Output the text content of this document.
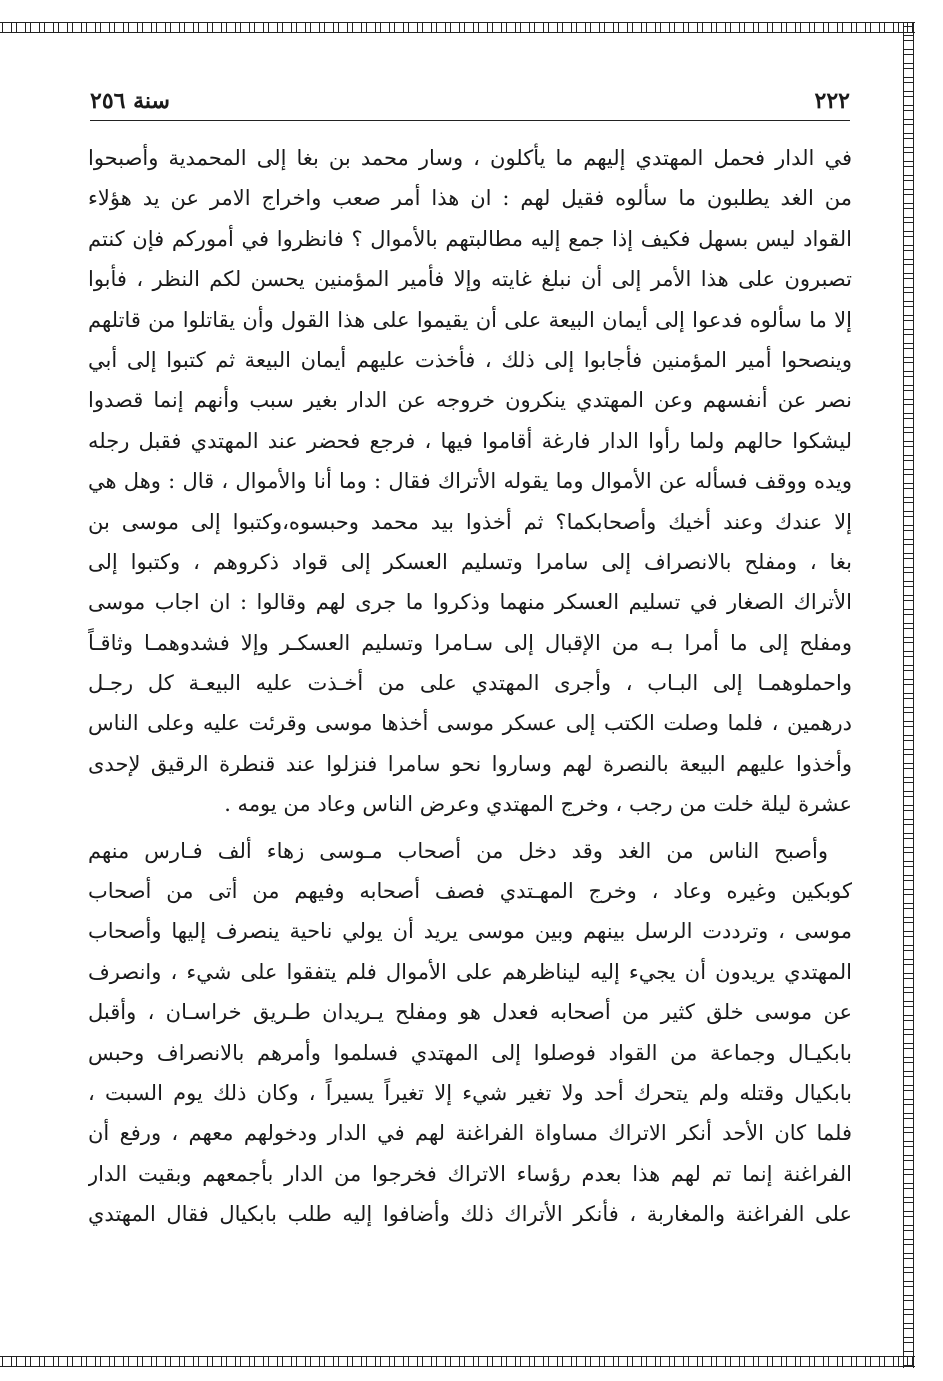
٢٢٢
سنة ٢٥٦
في الدار فحمل المهتدي إليهم ما يأكلون ، وسار محمد بن بغا إلى المحمدية وأصبحوا
من الغد يطلبون ما سألوه فقيل لهم : ان هذا أمر صعب واخراج الامر عن يد هؤلاء
القواد ليس بسهل فكيف إذا جمع إليه مطالبتهم بالأموال ؟ فانظروا في أموركم فإن كنتم
تصبرون على هذا الأمر إلى أن نبلغ غايته وإلا فأمير المؤمنين يحسن لكم النظر ، فأبوا
إلا ما سألوه فدعوا إلى أيمان البيعة على أن يقيموا على هذا القول وأن يقاتلوا من قاتلهم
وينصحوا أمير المؤمنين فأجابوا إلى ذلك ، فأخذت عليهم أيمان البيعة ثم كتبوا إلى أبي
نصر عن أنفسهم وعن المهتدي ينكرون خروجه عن الدار بغير سبب وأنهم إنما قصدوا
ليشكوا حالهم ولما رأوا الدار فارغة أقاموا فيها ، فرجع فحضر عند المهتدي فقبل رجله
ويده ووقف فسأله عن الأموال وما يقوله الأتراك فقال : وما أنا والأموال ، قال : وهل هي
إلا عندك وعند أخيك وأصحابكما؟ ثم أخذوا بيد محمد وحبسوه،وكتبوا إلى موسى بن
بغا ، ومفلح بالانصراف إلى سامرا وتسليم العسكر إلى قواد ذكروهم ، وكتبوا إلى
الأتراك الصغار في تسليم العسكر منهما وذكروا ما جرى لهم وقالوا : ان اجاب موسى
ومفلح إلى ما أمرا بـه من الإقبال إلى سـامرا وتسليم العسكـر وإلا فشدوهمـا وثاقـاً
واحملوهمـا إلى البـاب ، وأجرى المهتدي على من أخـذت عليه البيعـة كل رجـل
درهمين ، فلما وصلت الكتب إلى عسكر موسى أخذها موسى وقرئت عليه وعلى الناس
وأخذوا عليهم البيعة بالنصرة لهم وساروا نحو سامرا فنزلوا عند قنطرة الرقيق لإحدى
عشرة ليلة خلت من رجب ، وخرج المهتدي وعرض الناس وعاد من يومه .
وأصبح الناس من الغد وقد دخل من أصحاب مـوسى زهاء ألف فـارس منهم
كوبكين وغيره وعاد ، وخرج المهـتدي فصف أصحابه وفيهم من أتى من أصحاب
موسى ، وترددت الرسل بينهم وبين موسى يريد أن يولي ناحية ينصرف إليها وأصحاب
المهتدي يريدون أن يجيء إليه ليناظرهم على الأموال فلم يتفقوا على شيء ، وانصرف
عن موسى خلق كثير من أصحابه فعدل هو ومفلح يـريدان طـريق خراسـان ، وأقبل
بابكيـال وجماعة من القواد فوصلوا إلى المهتدي فسلموا وأمرهم بالانصراف وحبس
بابكيال وقتله ولم يتحرك أحد ولا تغير شيء إلا تغيراً يسيراً ، وكان ذلك يوم السبت ،
فلما كان الأحد أنكر الاتراك مساواة الفراغنة لهم في الدار ودخولهم معهم ، ورفع أن
الفراغنة إنما تم لهم هذا بعدم رؤساء الاتراك فخرجوا من الدار بأجمعهم وبقيت الدار
على الفراغنة والمغاربة ، فأنكر الأتراك ذلك وأضافوا إليه طلب بابكيال فقال المهتدي
